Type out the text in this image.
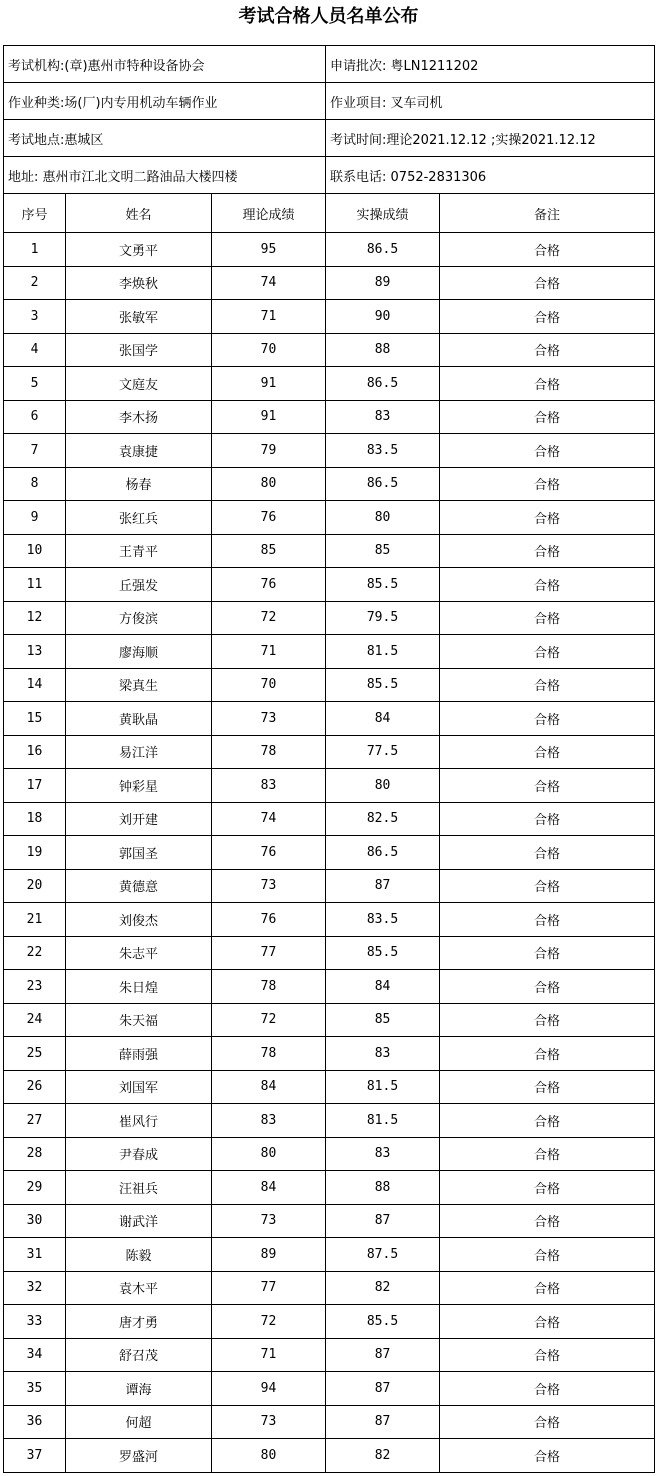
考试合格人员名单公布
考试机构:(章)惠州市特种设备协会			申请批次: 粤LN1211202	
作业种类:场(厂)内专用机动车辆作业			作业项目: 叉车司机	
考试地点:惠城区			考试时间:理论2021.12.12 ;实操2021.12.12	
地址: 惠州市江北文明二路油品大楼四楼			联系电话: 0752-2831306	
序号	姓名	理论成绩	实操成绩	备注
1	文勇平	95	86.5	合格
2	李焕秋	74	89	合格
3	张敏军	71	90	合格
4	张国学	70	88	合格
5	文庭友	91	86.5	合格
6	李木扬	91	83	合格
7	袁康捷	79	83.5	合格
8	杨春	80	86.5	合格
9	张红兵	76	80	合格
10	王青平	85	85	合格
11	丘强发	76	85.5	合格
12	方俊滨	72	79.5	合格
13	廖海顺	71	81.5	合格
14	梁真生	70	85.5	合格
15	黄耿晶	73	84	合格
16	易江洋	78	77.5	合格
17	钟彩星	83	80	合格
18	刘开建	74	82.5	合格
19	郭国圣	76	86.5	合格
20	黄德意	73	87	合格
21	刘俊杰	76	83.5	合格
22	朱志平	77	85.5	合格
23	朱日煌	78	84	合格
24	朱天福	72	85	合格
25	薛雨强	78	83	合格
26	刘国军	84	81.5	合格
27	崔风行	83	81.5	合格
28	尹春成	80	83	合格
29	汪祖兵	84	88	合格
30	谢武洋	73	87	合格
31	陈毅	89	87.5	合格
32	袁木平	77	82	合格
33	唐才勇	72	85.5	合格
34	舒召茂	71	87	合格
35	谭海	94	87	合格
36	何超	73	87	合格
37	罗盛河	80	82	合格
